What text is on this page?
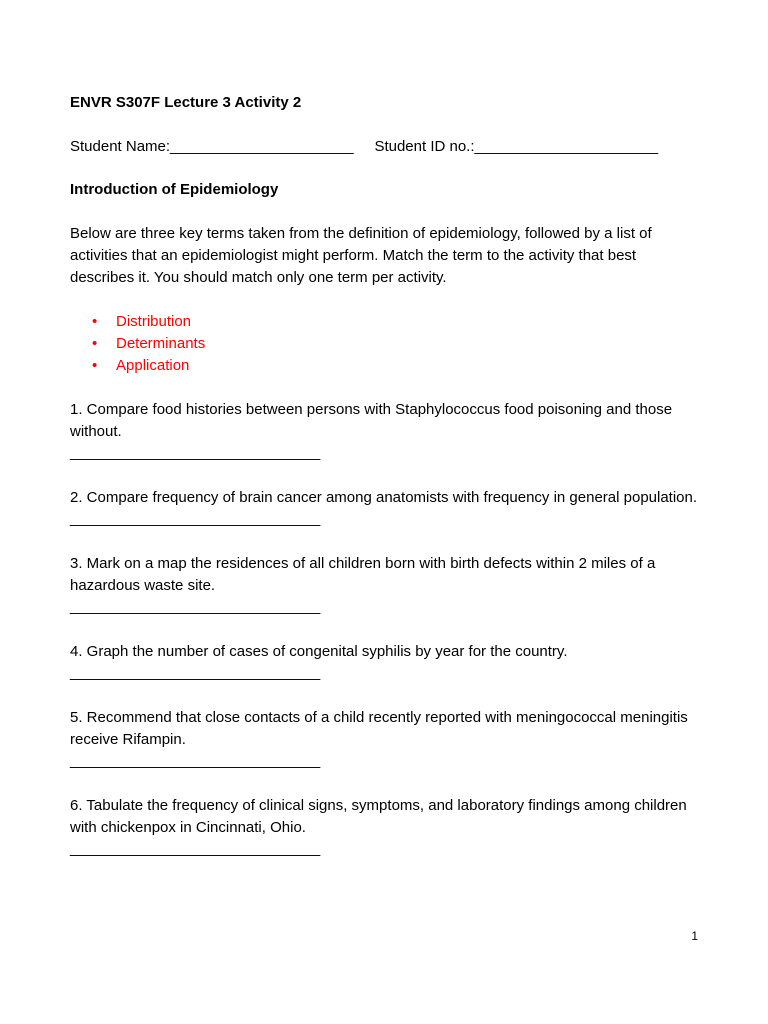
ENVR S307F Lecture 3 Activity 2
Student Name:______________________ Student ID no.:______________________
Introduction of Epidemiology
Below are three key terms taken from the definition of epidemiology, followed by a list of activities that an epidemiologist might perform. Match the term to the activity that best describes it. You should match only one term per activity.
• Distribution
• Determinants
• Application
1. Compare food histories between persons with Staphylococcus food poisoning and those without.
______________________________
2. Compare frequency of brain cancer among anatomists with frequency in general population.
______________________________
3. Mark on a map the residences of all children born with birth defects within 2 miles of a hazardous waste site.
______________________________
4. Graph the number of cases of congenital syphilis by year for the country.
______________________________
5. Recommend that close contacts of a child recently reported with meningococcal meningitis receive Rifampin.
______________________________
6. Tabulate the frequency of clinical signs, symptoms, and laboratory findings among children with chickenpox in Cincinnati, Ohio.
______________________________
1
